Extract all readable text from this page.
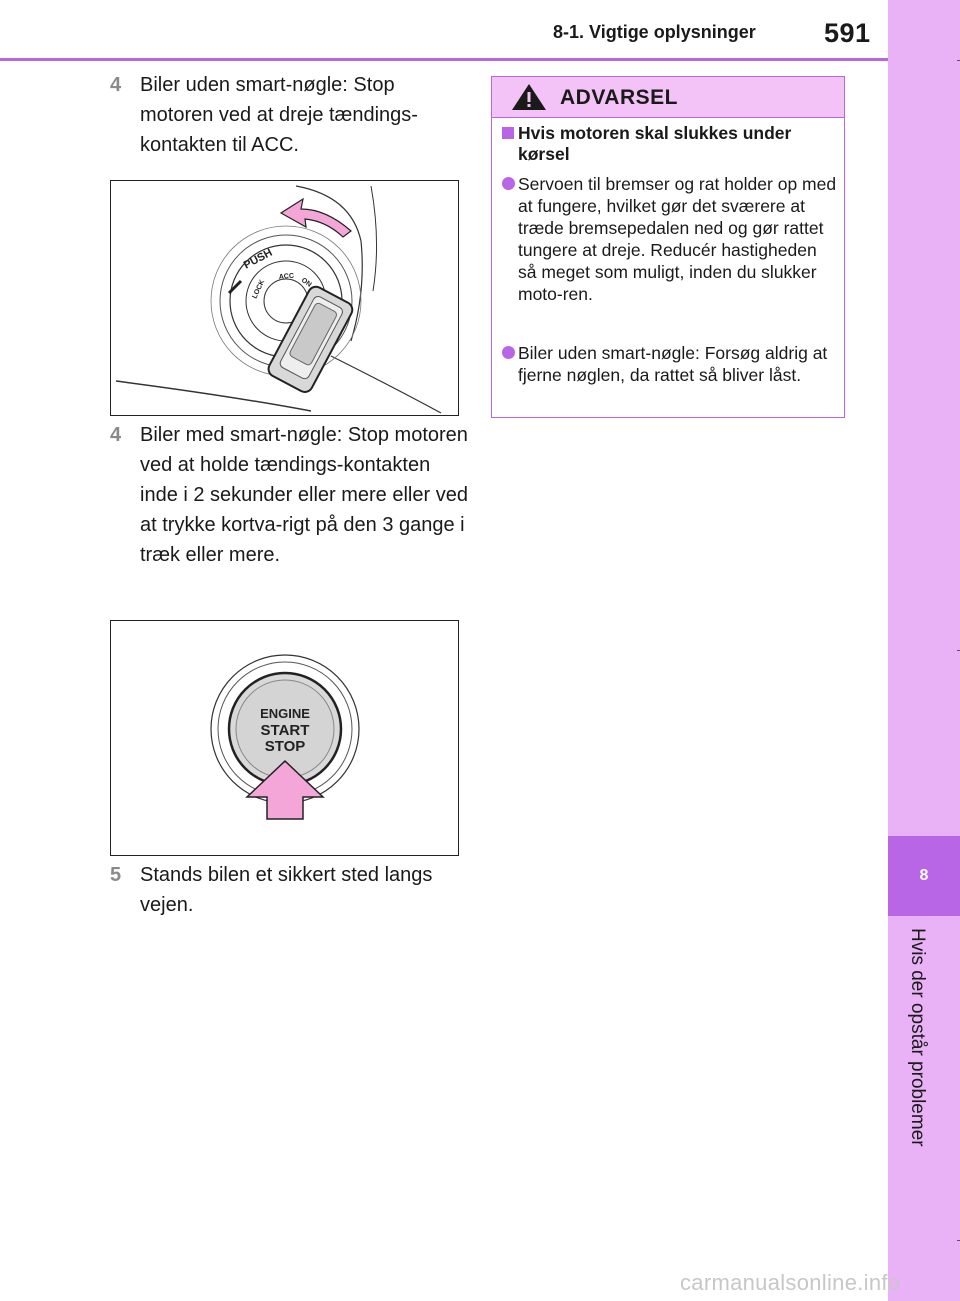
8-1. Vigtige oplysninger	591
8
Hvis der opstår problemer
4 Biler uden smart-nøgle: Stop motoren ved at dreje tændings-kontakten til ACC.
PUSH
LOCK
ACC
ON
4 Biler med smart-nøgle: Stop motoren ved at holde tændings-kontakten inde i 2 sekunder eller mere eller ved at trykke kortva-rigt på den 3 gange i træk eller mere.
ENGINE
START
STOP
5 Stands bilen et sikkert sted langs vejen.
ADVARSEL
Hvis motoren skal slukkes under kørsel
Servoen til bremser og rat holder op med at fungere, hvilket gør det sværere at træde bremsepedalen ned og gør rattet tungere at dreje. Reducér hastigheden så meget som muligt, inden du slukker moto-ren.
Biler uden smart-nøgle: Forsøg aldrig at fjerne nøglen, da rattet så bliver låst.
carmanualsonline.info
